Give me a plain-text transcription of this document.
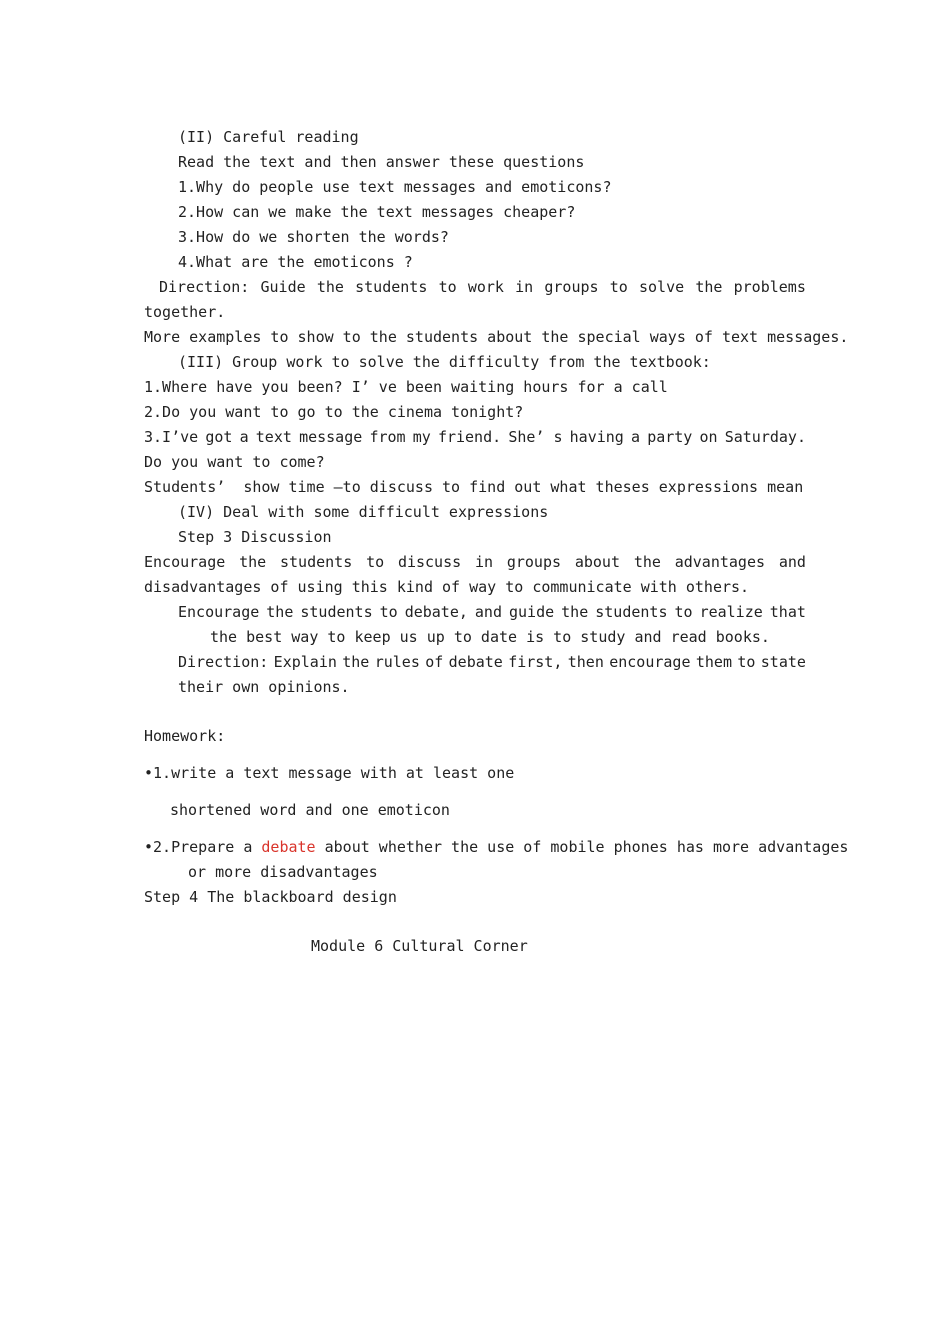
(II) Careful reading
Read the text and then answer these questions
1.Why do people use text messages and emoticons?
2.How can we make the text messages cheaper?
3.How do we shorten the words?
4.What are the emoticons ?
Direction: Guide the students to work in groups to solve the problems
together.
More examples to show to the students about the special ways of text messages.
(III) Group work to solve the difficulty from the textbook:
1.Where have you been? I’ ve been waiting hours for a call
2.Do you want to go to the cinema tonight?
3.I’ve got a text message from my friend. She’ s having a party on Saturday.
Do you want to come?
Students’  show time –to discuss to find out what theses expressions mean
(IV) Deal with some difficult expressions
Step 3 Discussion
Encourage the students to discuss in groups about the advantages and
disadvantages of using this kind of way to communicate with others.
Encourage the students to debate, and guide the students to realize that
the best way to keep us up to date is to study and read books.
Direction: Explain the rules of debate first, then encourage them to state
their own opinions.
Homework:
•1.write a text message with at least one
shortened word and one emoticon
•2.Prepare a debate about whether the use of mobile phones has more advantages
or more disadvantages
Step 4 The blackboard design
Module 6 Cultural Corner
